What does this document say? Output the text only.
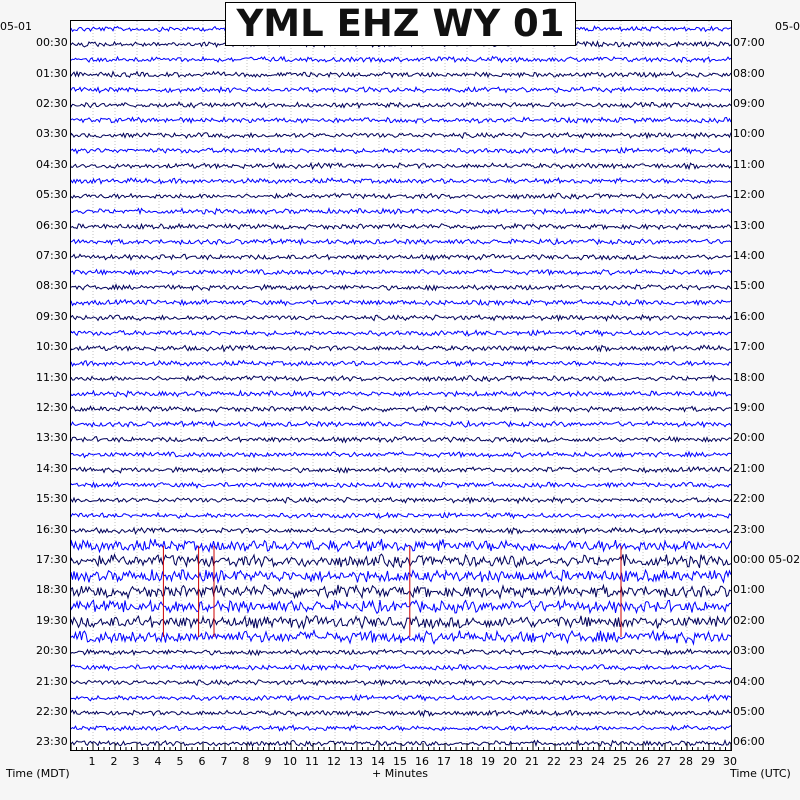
YML EHZ WY 01
05-01	05-0
00:30
01:30
02:30
03:30
04:30
05:30
06:30
07:30
08:30
09:30
10:30
11:30
12:30
13:30
14:30
15:30
16:30
17:30
18:30
19:30
20:30
21:30
22:30
23:30
07:00
08:00
09:00
10:00
11:00
12:00
13:00
14:00
15:00
16:00
17:00
18:00
19:00
20:00
21:00
22:00
23:00
00:00 05-02
01:00
02:00
03:00
04:00
05:00
06:00
1	2	3	4	5	6	7	8	9	10 11 12 13 14 15 16 17 18 19 20 21 22 23 24 25 26 27 28 29 30
Time (MDT)	+ Minutes	Time (UTC)
